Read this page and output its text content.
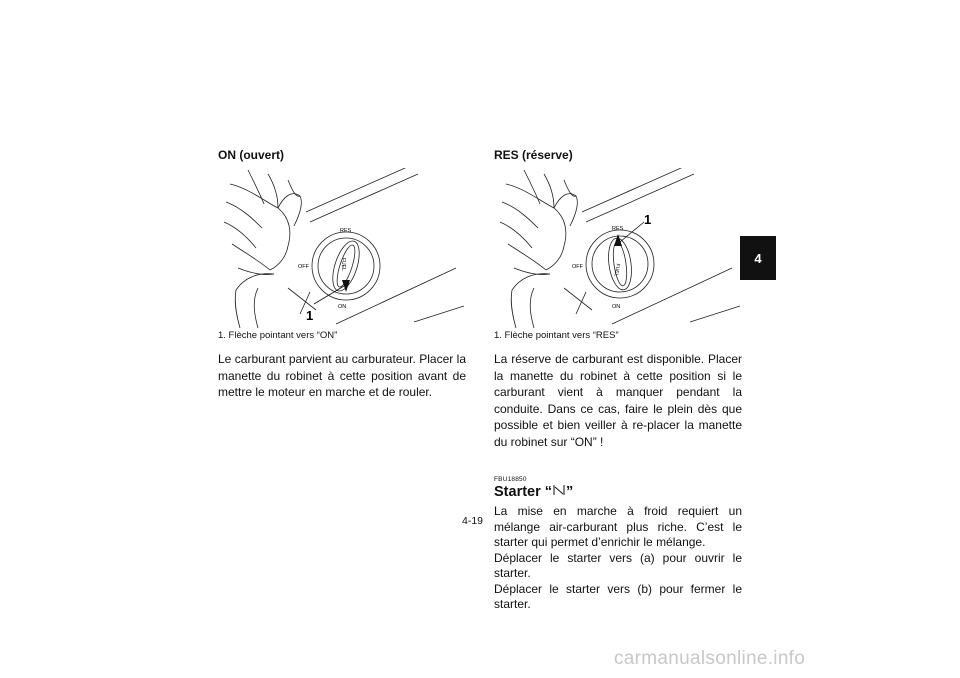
ON (ouvert)
RES
FUEL
OFF
ON
1
1. Flèche pointant vers “ON”
Le carburant parvient au carburateur. Placer la manette du robinet à cette position avant de mettre le moteur en marche et de rouler.
RES (réserve)
RES
FUEL
OFF
ON
1
1. Flèche pointant vers “RES”
La réserve de carburant est disponible. Placer la manette du robinet à cette position si le carburant vient à manquer pendant la conduite. Dans ce cas, faire le plein dès que possible et bien veiller à re-placer la manette du robinet sur “ON” !
FBU18850
Starter “ ”
La mise en marche à froid requiert un mélange air-carburant plus riche. C’est le starter qui permet d’enrichir le mélange.
Déplacer le starter vers (a) pour ouvrir le starter.
Déplacer le starter vers (b) pour fermer le starter.
4
4-19
carmanualsonline.info
